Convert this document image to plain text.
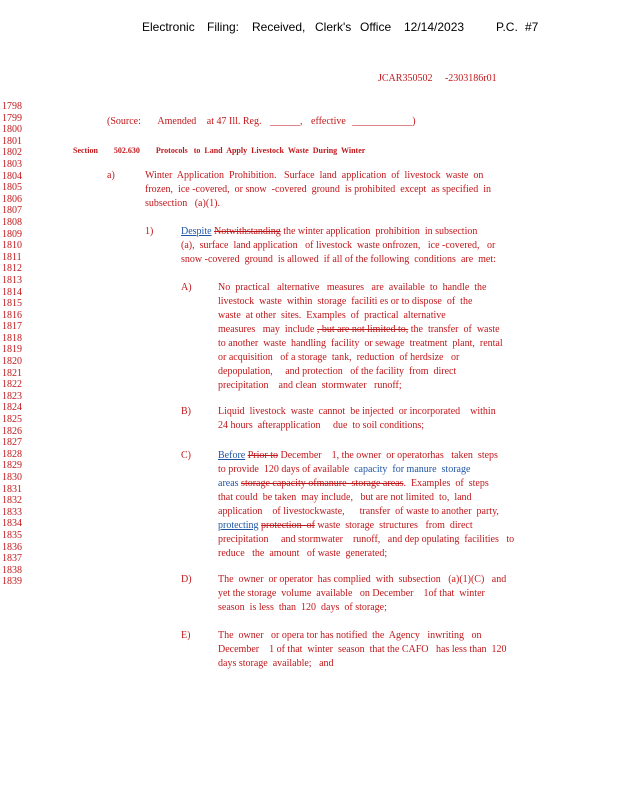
Electronic Filing: Received, Clerk's Office 12/14/2023	P.C. #7
JCAR350502 -2303186r01
1798
1799
1800
1801
1802
1803
1804
1805
1806
1807
1808
1809
1810
1811
1812
1813
1814
1815
1816
1817
1818
1819
1820
1821
1822
1823
1824
1825
1826
1827
1828
1829
1830
1831
1832
1833
1834
1835
1836
1837
1838
1839
(Source: Amended at 47 Ill. Reg. ______, effective ____________)
Section 502.630 Protocols   to  Land  Apply  Livestock  Waste  During  Winter
a)	Winter  Application  Prohibition.   Surface  land  application  of  livestock  waste  on
frozen,  ice -covered,  or snow  -covered  ground  is prohibited  except  as specified  in
subsection   (a)(1).
1)	Despite Notwithstanding the winter application  prohibition  in subsection
(a),  surface  land application   of livestock  waste onfrozen,   ice -covered,   or
snow -covered  ground  is allowed  if all of the following  conditions  are  met:
A)	No  practical   alternative   measures   are  available  to  handle  the
livestock  waste  within  storage  faciliti es or to dispose  of  the
waste  at other  sites.  Examples  of  practical  alternative
measures   may  include , but are not limited to, the  transfer  of  waste
to another  waste  handling  facility  or sewage  treatment  plant,  rental
or acquisition   of a storage  tank,  reduction  of herdsize   or
depopulation,     and protection   of the facility  from  direct
precipitation    and clean  stormwater   runoff;
B)	Liquid  livestock  waste  cannot  be injected  or incorporated    within
24 hours  afterapplication     due  to soil conditions;
C)	Before Prior to December    1, the owner  or operatorhas   taken  steps
to provide  120 days of available capacity  for manure  storage
areas storage capacity ofmanure  storage areas.  Examples  of  steps
that could  be taken  may include,   but are not limited  to,  land
application    of livestockwaste,      transfer  of waste to another  party,
protecting protection  of waste  storage  structures   from  direct
precipitation     and stormwater    runoff,   and dep opulating  facilities   to
reduce   the  amount   of waste  generated;
D)	The  owner  or operator  has complied  with  subsection   (a)(1)(C)   and
yet the storage  volume  available   on December    1of that  winter
season  is less  than  120  days  of storage;
E)	The  owner   or opera tor has notified  the  Agency   inwriting   on
December    1 of that  winter  season  that the CAFO   has less than  120
days storage  available;   and
